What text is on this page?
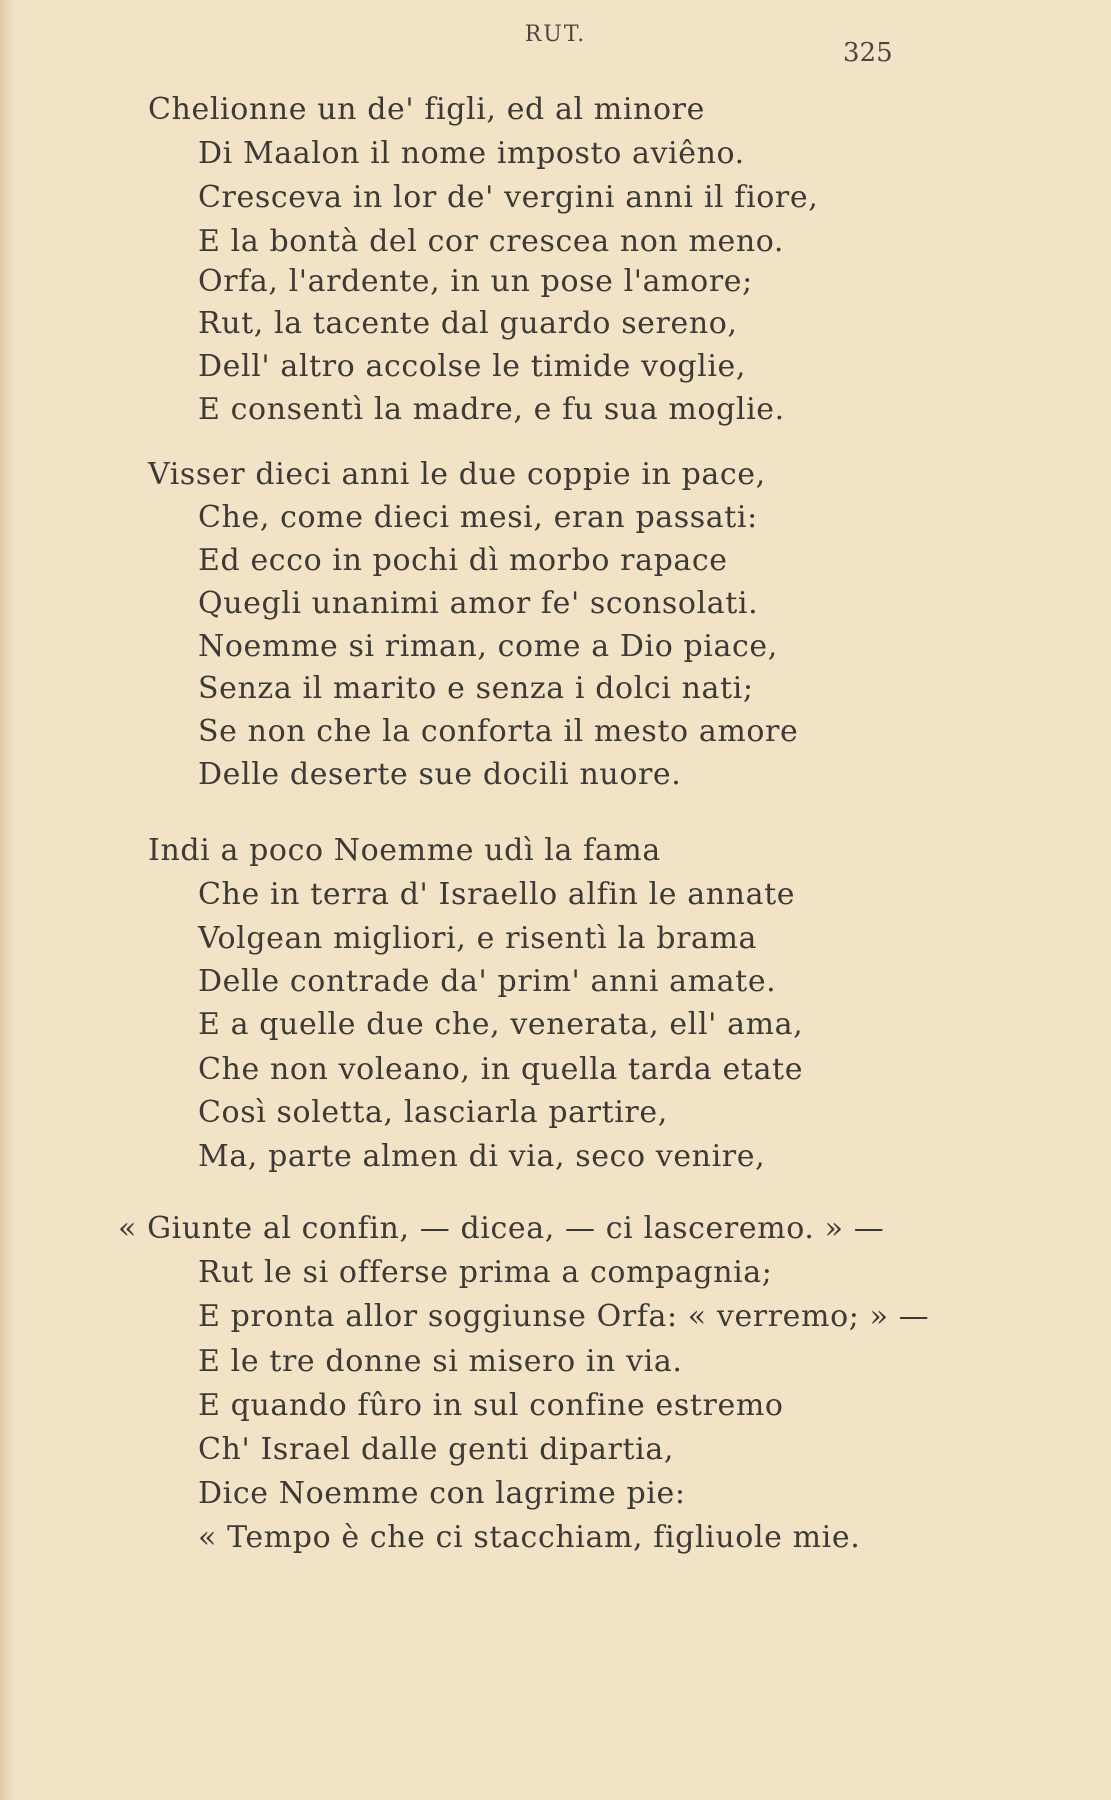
RUT.
325
Chelionne un de' figli, ed al minore
Di Maalon il nome imposto aviêno.
Cresceva in lor de' vergini anni il fiore,
E la bontà del cor crescea non meno.
Orfa, l'ardente, in un pose l'amore;
Rut, la tacente dal guardo sereno,
Dell' altro accolse le timide voglie,
E consentì la madre, e fu sua moglie.
Visser dieci anni le due coppie in pace,
Che, come dieci mesi, eran passati:
Ed ecco in pochi dì morbo rapace
Quegli unanimi amor fe' sconsolati.
Noemme si riman, come a Dio piace,
Senza il marito e senza i dolci nati;
Se non che la conforta il mesto amore
Delle deserte sue docili nuore.
Indi a poco Noemme udì la fama
Che in terra d' Israello alfin le annate
Volgean migliori, e risentì la brama
Delle contrade da' prim' anni amate.
E a quelle due che, venerata, ell' ama,
Che non voleano, in quella tarda etate
Così soletta, lasciarla partire,
Ma, parte almen di via, seco venire,
« Giunte al confin, — dicea, — ci lasceremo. » —
Rut le si offerse prima a compagnia;
E pronta allor soggiunse Orfa: « verremo; » —
E le tre donne si misero in via.
E quando fûro in sul confine estremo
Ch' Israel dalle genti dipartia,
Dice Noemme con lagrime pie:
« Tempo è che ci stacchiam, figliuole mie.
